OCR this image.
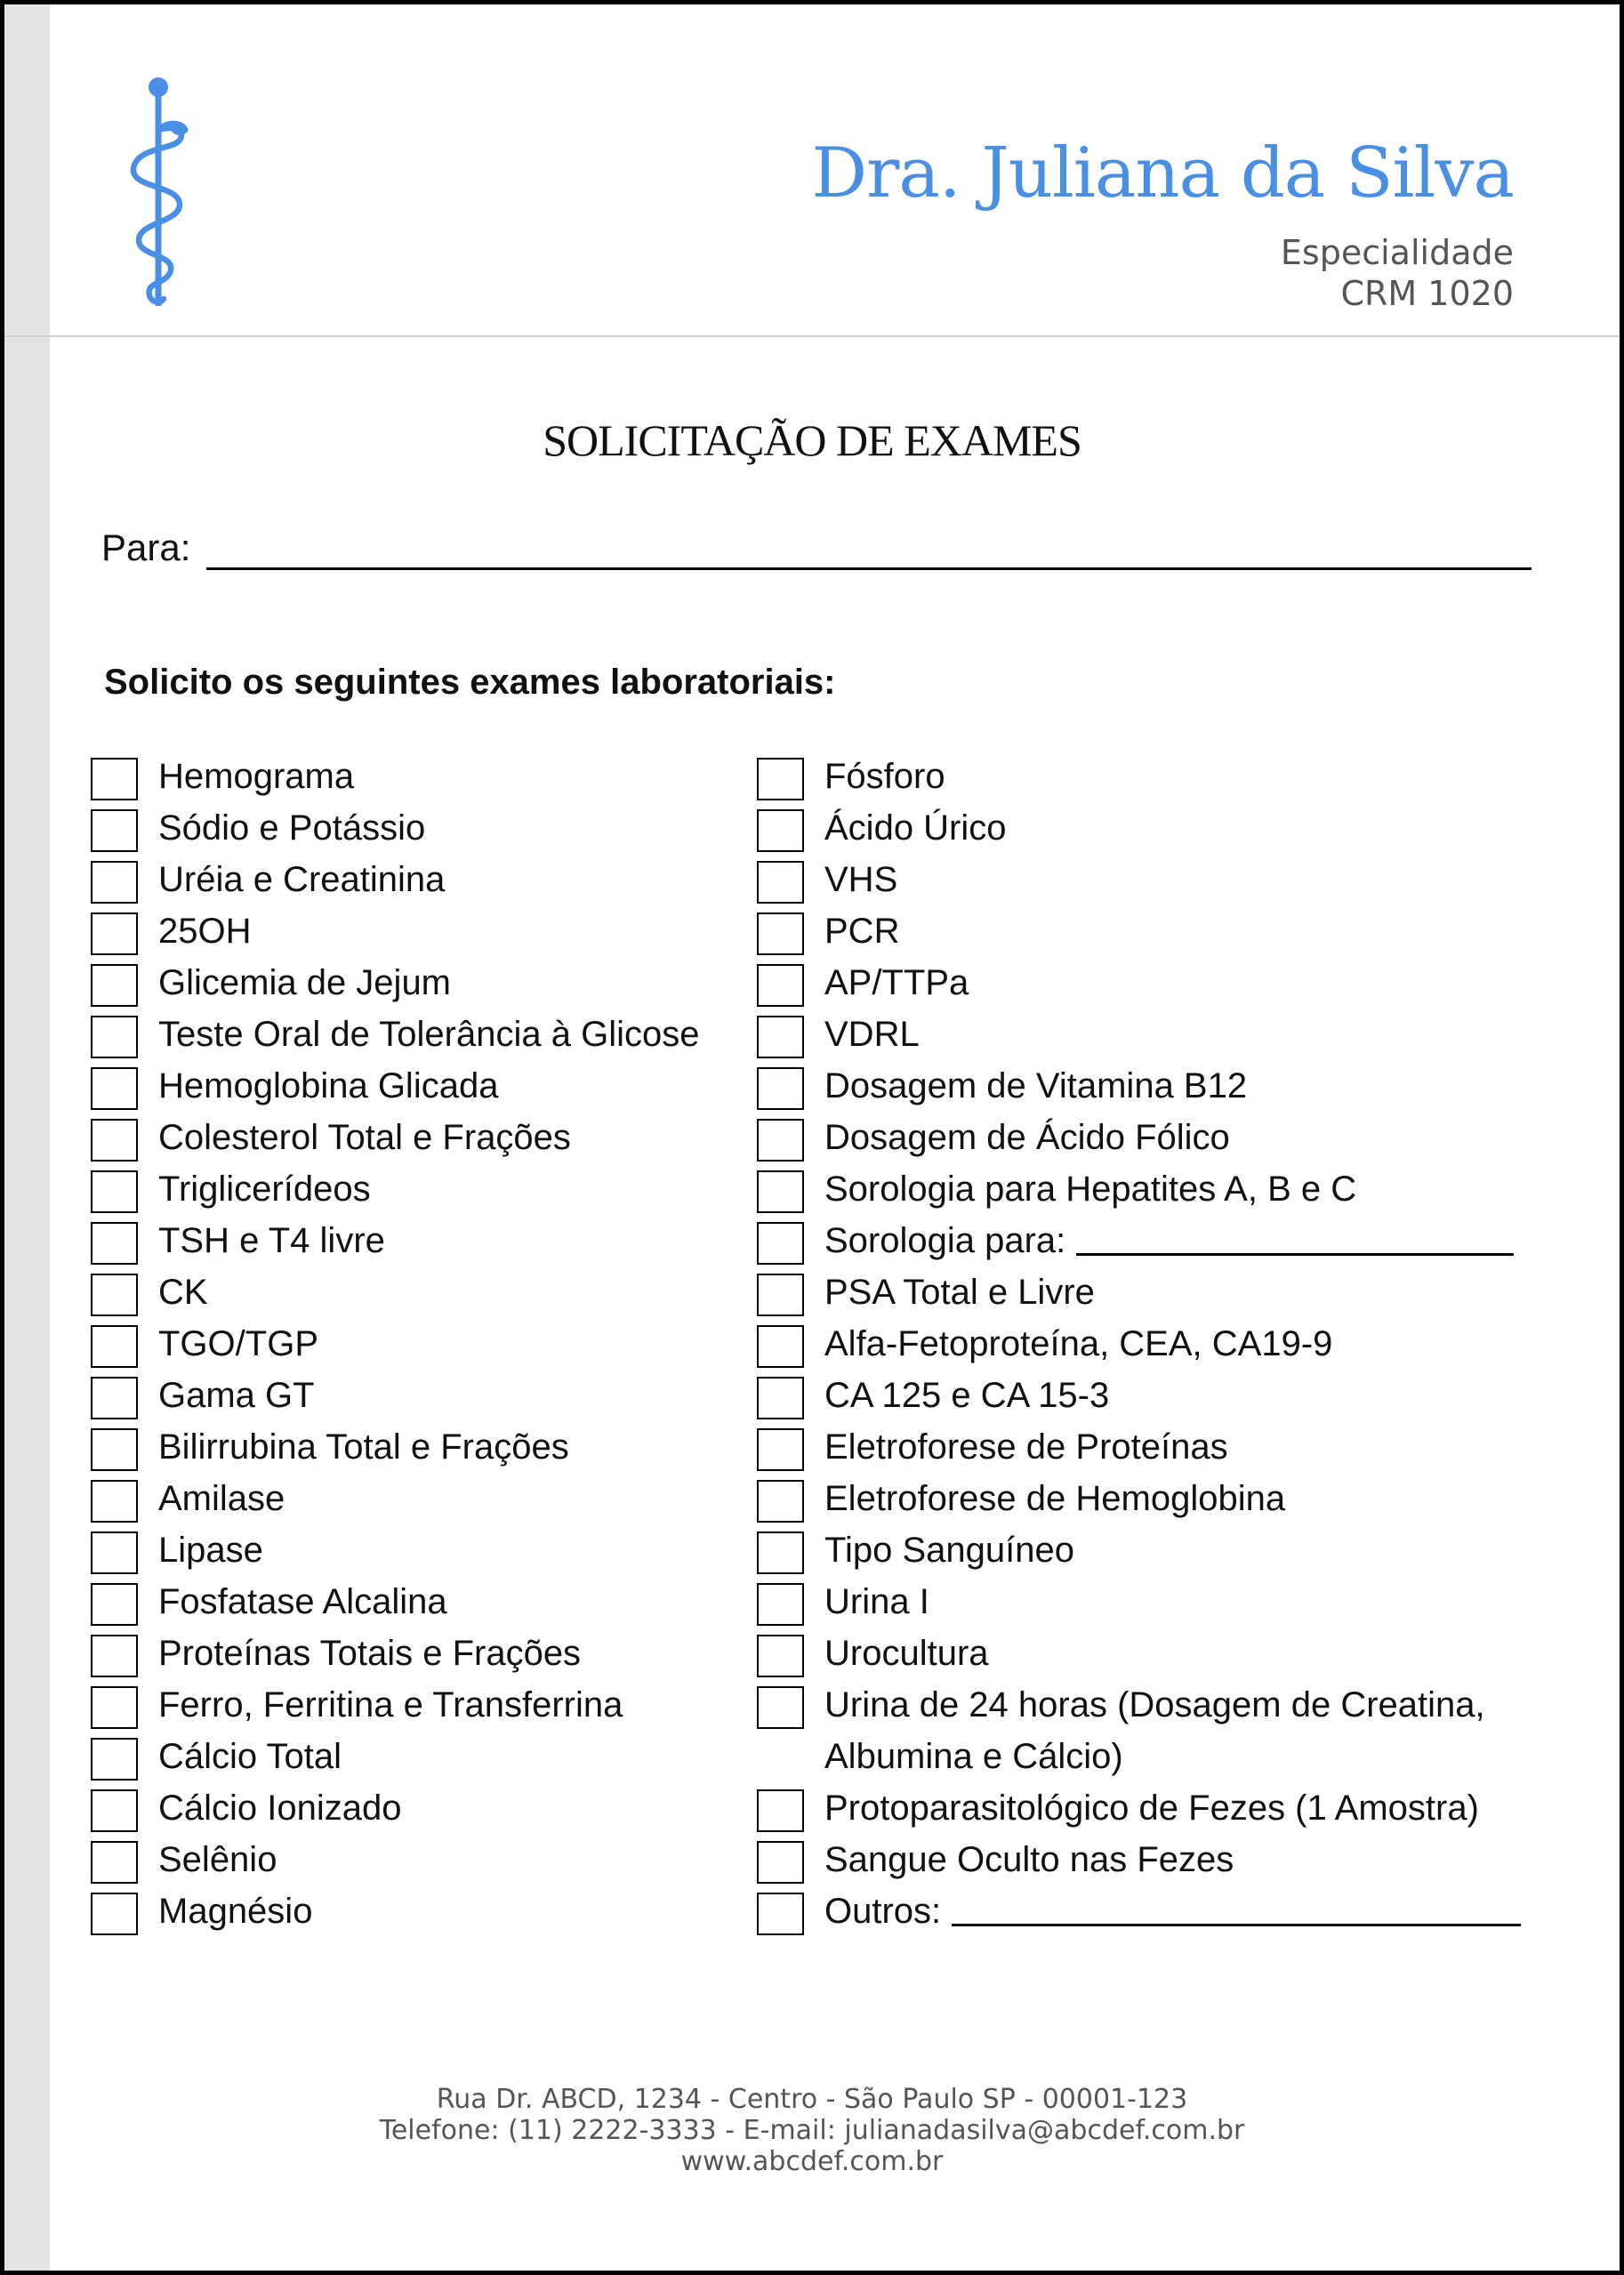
Dra. Juliana da Silva
Especialidade
CRM 1020
SOLICITAÇÃO DE EXAMES
Para:
Solicito os seguintes exames laboratoriais:
Hemograma
Sódio e Potássio
Uréia e Creatinina
25OH
Glicemia de Jejum
Teste Oral de Tolerância à Glicose
Hemoglobina Glicada
Colesterol Total e Frações
Triglicerídeos
TSH e T4 livre
CK
TGO/TGP
Gama GT
Bilirrubina Total e Frações
Amilase
Lipase
Fosfatase Alcalina
Proteínas Totais e Frações
Ferro, Ferritina e Transferrina
Cálcio Total
Cálcio Ionizado
Selênio
Magnésio
Fósforo
Ácido Úrico
VHS
PCR
AP/TTPa
VDRL
Dosagem de Vitamina B12
Dosagem de Ácido Fólico
Sorologia para Hepatites A, B e C
Sorologia para:
PSA Total e Livre
Alfa-Fetoproteína, CEA, CA19-9
CA 125 e CA 15-3
Eletroforese de Proteínas
Eletroforese de Hemoglobina
Tipo Sanguíneo
Urina I
Urocultura
Urina de 24 horas (Dosagem de Creatina, Albumina e Cálcio)
Protoparasitológico de Fezes (1 Amostra)
Sangue Oculto nas Fezes
Outros:
Rua Dr. ABCD, 1234 - Centro - São Paulo SP - 00001-123
Telefone: (11) 2222-3333 - E-mail: julianadasilva@abcdef.com.br
www.abcdef.com.br
